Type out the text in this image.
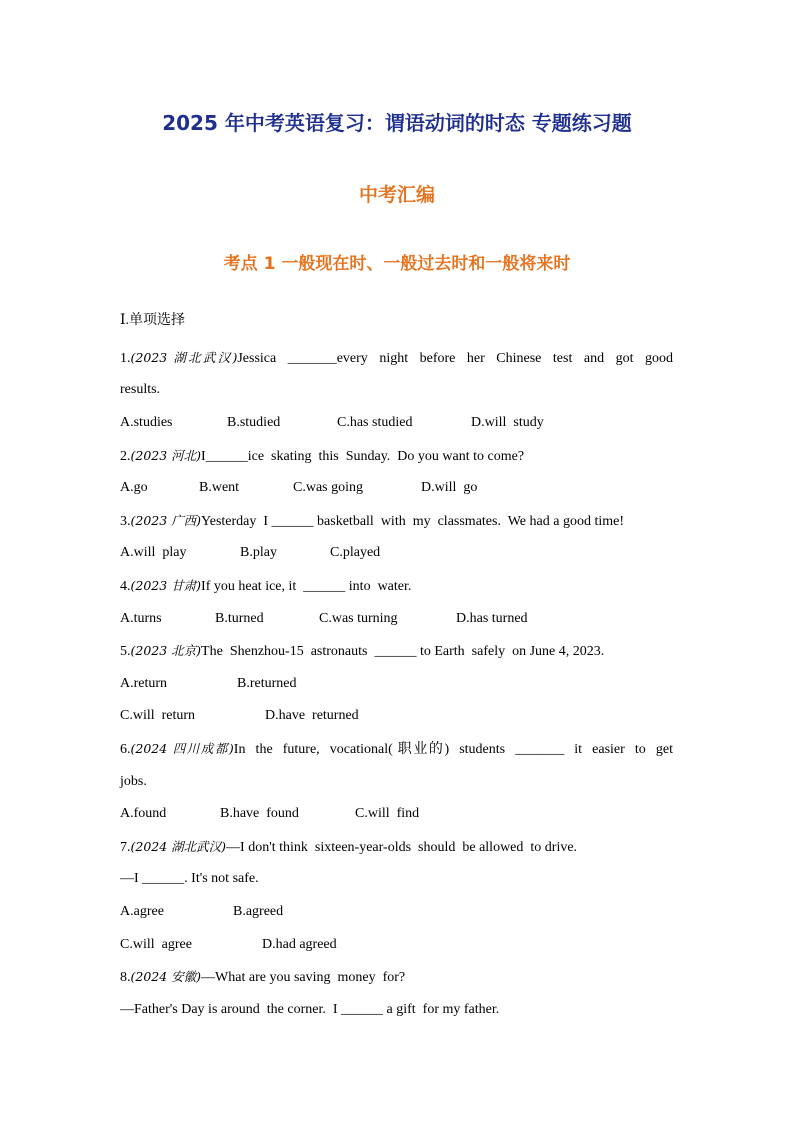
2025 年中考英语复习：谓语动词的时态 专题练习题
中考汇编
考点 1 一般现在时、一般过去时和一般将来时
Ⅰ.单项选择
1.(2023 湖北武汉)Jessica  _______every  night  before  her  Chinese  test  and  got  good
results.
A.studies	B.studied	C.has studied	D.will  study
2.(2023 河北)I______ice  skating  this  Sunday.  Do you want to come?
A.go	B.went	C.was going	D.will  go
3.(2023 广西)Yesterday  I ______ basketball  with  my  classmates.  We had a good time!
A.will  play	B.play	C.played
4.(2023 甘肃)If you heat ice, it  ______ into  water.
A.turns	B.turned	C.was turning	D.has turned
5.(2023 北京)The  Shenzhou-15  astronauts  ______ to Earth  safely  on June 4, 2023.
A.return	B.returned
C.will  return	D.have  returned
6.(2024 四川成都)In  the  future,  vocational( 职业的)  students  _______  it  easier  to  get
jobs.
A.found	B.have  found	C.will  find
7.(2024 湖北武汉)—I don't think  sixteen-year-olds  should  be allowed  to drive.
—I ______. It's not safe.
A.agree	B.agreed
C.will  agree	D.had agreed
8.(2024 安徽)—What are you saving  money  for?
—Father's Day is around  the corner.  I ______ a gift  for my father.
